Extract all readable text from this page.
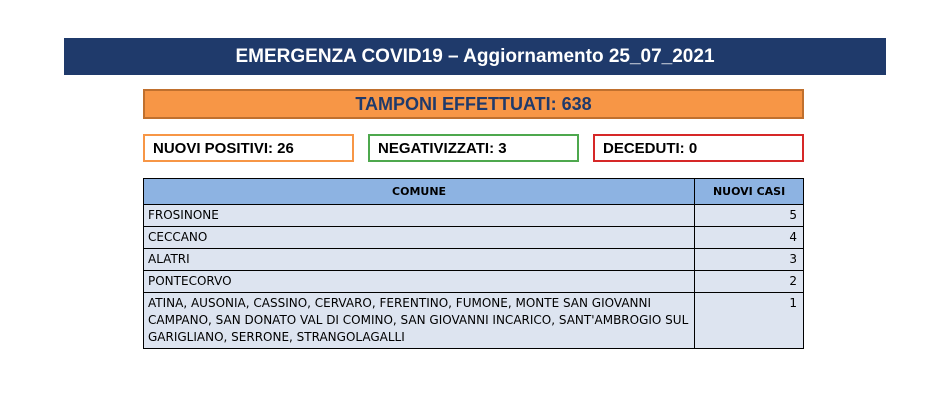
EMERGENZA COVID19 – Aggiornamento 25_07_2021
TAMPONI EFFETTUATI: 638
NUOVI POSITIVI: 26	NEGATIVIZZATI: 3	DECEDUTI: 0
COMUNE	NUOVI CASI
FROSINONE	5
CECCANO	4
ALATRI	3
PONTECORVO	2
ATINA, AUSONIA, CASSINO, CERVARO, FERENTINO, FUMONE, MONTE SAN GIOVANNI CAMPANO, SAN DONATO VAL DI COMINO, SAN GIOVANNI INCARICO, SANT'AMBROGIO SUL GARIGLIANO, SERRONE, STRANGOLAGALLI	1
